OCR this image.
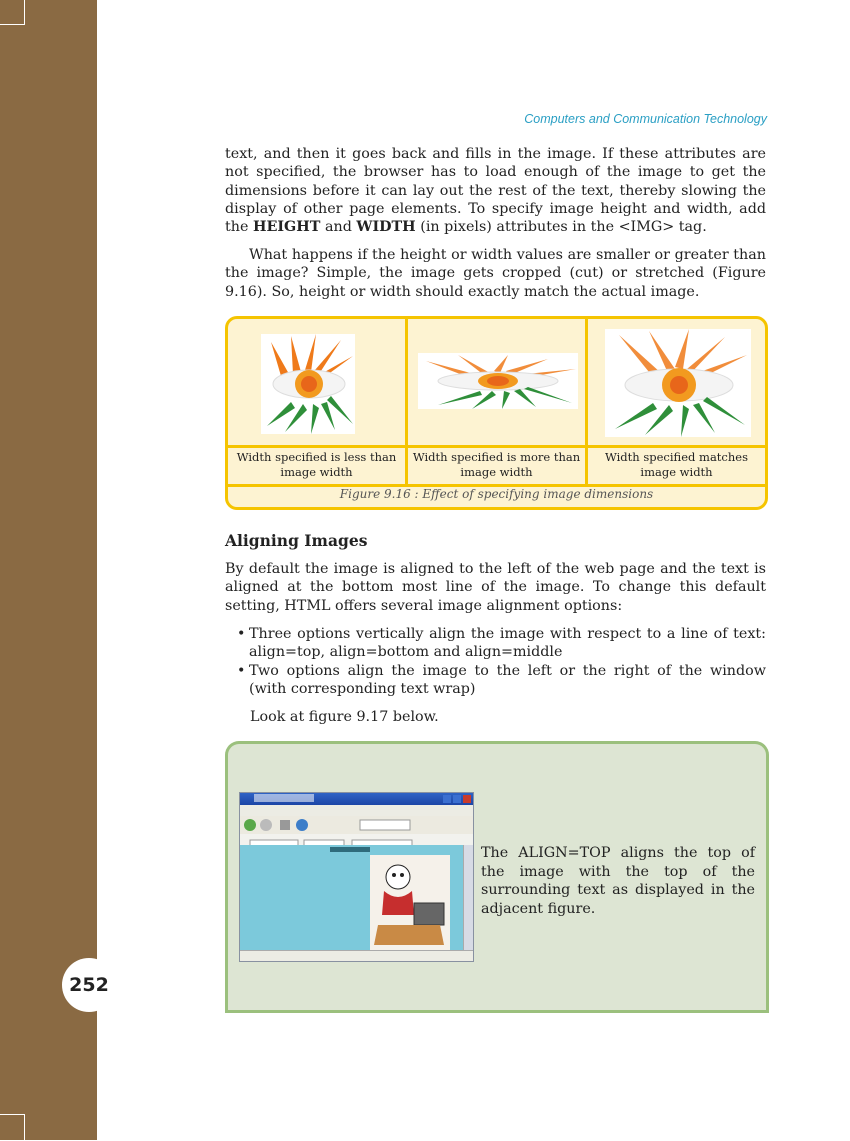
252
Computers and Communication Technology
text, and then it goes back and fills in the image. If these attributes are not specified, the browser has to load enough of the image to get the dimensions before it can lay out the rest of the text, thereby slowing the display of other page elements. To specify image height and width, add the HEIGHT and WIDTH (in pixels) attributes in the <IMG> tag.
What happens if the height or width values are smaller or greater than the image? Simple, the image gets cropped (cut) or stretched (Figure 9.16). So, height or width should exactly match the actual image.
Width specified is less than image width
Width specified is more than image width
Width specified matches image width
Figure 9.16 : Effect of specifying image dimensions
Aligning Images
By default the image is aligned to the left of the web page and the text is aligned at the bottom most line of the image. To change this default setting, HTML offers several image alignment options:
• Three options vertically align the image with respect to a line of text: align=top, align=bottom and align=middle
• Two options align the image to the left or the right of the window (with corresponding text wrap)
Look at figure 9.17 below.
The ALIGN=TOP aligns the top of the image with the top of the surrounding text as displayed in the adjacent figure.
